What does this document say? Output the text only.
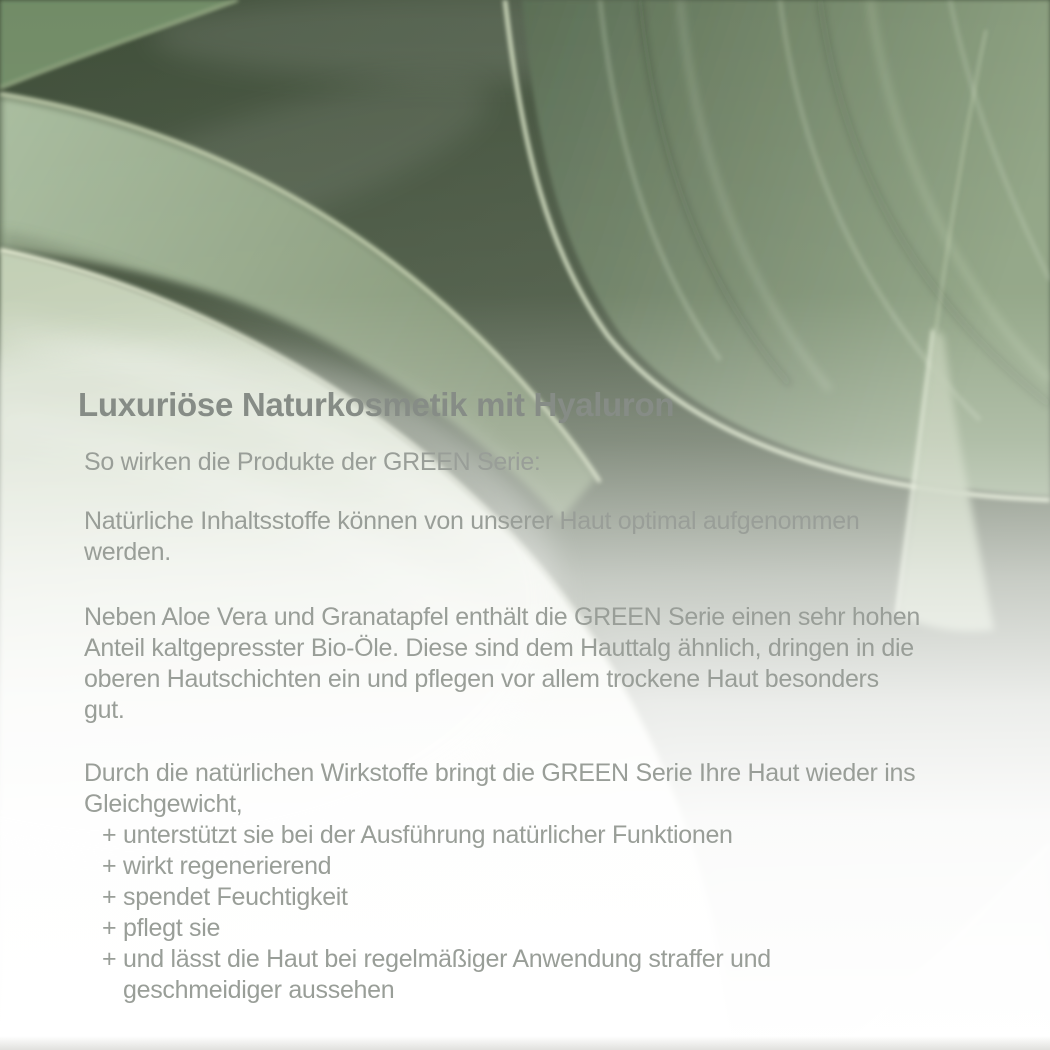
Luxuriöse Naturkosmetik mit Hyaluron
So wirken die Produkte der GREEN Serie:
Natürliche Inhaltsstoffe können von unserer Haut optimal aufgenommen
werden.
Neben Aloe Vera und Granatapfel enthält die GREEN Serie einen sehr hohen
Anteil kaltgepresster Bio-Öle. Diese sind dem Hauttalg ähnlich, dringen in die
oberen Hautschichten ein und pflegen vor allem trockene Haut besonders
gut.
Durch die natürlichen Wirkstoffe bringt die GREEN Serie Ihre Haut wieder ins
Gleichgewicht,
+ unterstützt sie bei der Ausführung natürlicher Funktionen
+ wirkt regenerierend
+ spendet Feuchtigkeit
+ pflegt sie
+ und lässt die Haut bei regelmäßiger Anwendung straffer und
geschmeidiger aussehen
